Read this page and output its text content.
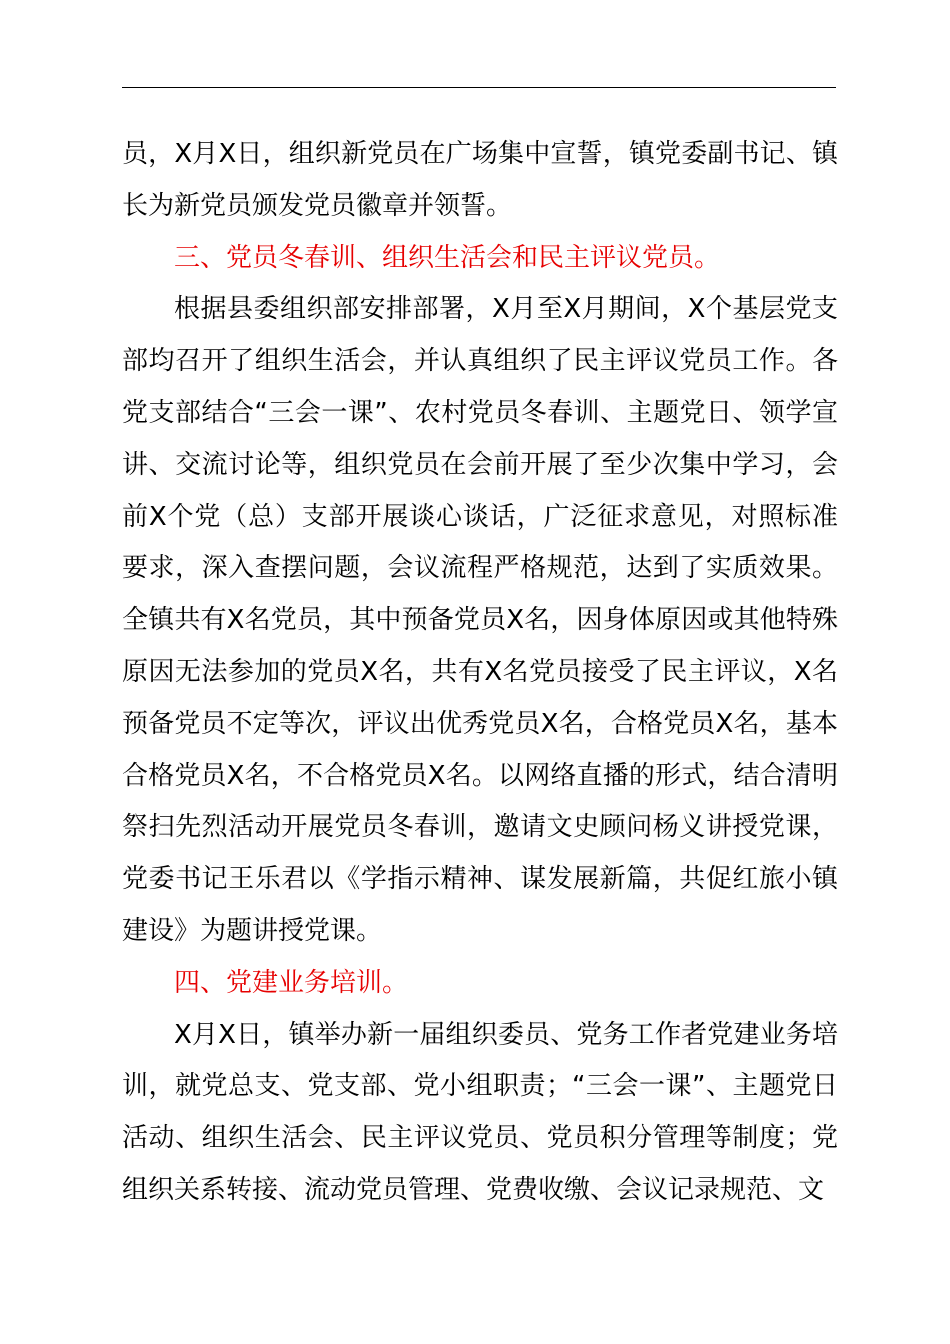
员，X月X日，组织新党员在广场集中宣誓，镇党委副书记、镇长为新党员颁发党员徽章并领誓。

三、党员冬春训、组织生活会和民主评议党员。

根据县委组织部安排部署，X月至X月期间，X个基层党支部均召开了组织生活会，并认真组织了民主评议党员工作。各党支部结合“三会一课”、农村党员冬春训、主题党日、领学宣讲、交流讨论等，组织党员在会前开展了至少次集中学习，会前X个党（总）支部开展谈心谈话，广泛征求意见，对照标准要求，深入查摆问题，会议流程严格规范，达到了实质效果。全镇共有X名党员，其中预备党员X名，因身体原因或其他特殊原因无法参加的党员X名，共有X名党员接受了民主评议，X名预备党员不定等次，评议出优秀党员X名，合格党员X名，基本合格党员X名，不合格党员X名。以网络直播的形式，结合清明祭扫先烈活动开展党员冬春训，邀请文史顾问杨义讲授党课，党委书记王乐君以《学指示精神、谋发展新篇，共促红旅小镇建设》为题讲授党课。

四、党建业务培训。

X月X日，镇举办新一届组织委员、党务工作者党建业务培训，就党总支、党支部、党小组职责；“三会一课”、主题党日活动、组织生活会、民主评议党员、党员积分管理等制度；党组织关系转接、流动党员管理、党费收缴、会议记录规范、文
